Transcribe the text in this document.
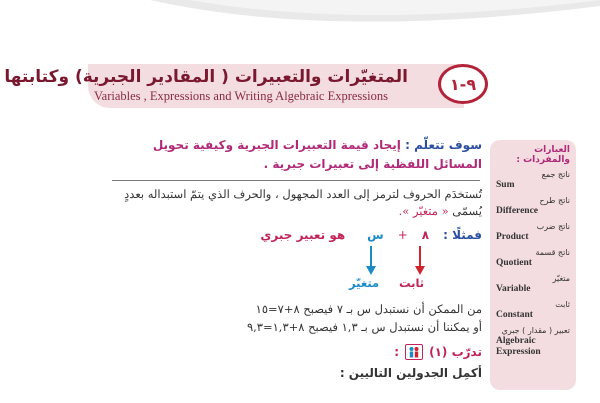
المتغيّرات والتعبيرات ( المقادير الجبرية) وكتابتها
Variables , Expressions and Writing Algebraic Expressions
٩-١
سوف تتعلّم : إيجاد قيمة التعبيرات الجبرية وكيفية تحويل المسائل اللفظية إلى تعبيرات جبرية .
تُستخدَم الحروف لترمز إلى العدد المجهول ، والحرف الذي يتمّ استبداله بعددٍ يُسمّى « متغيّر ».
فمثلًا :
٨
+
س
هو تعبير جبري
ثابت
متغيّر
من الممكن أن نستبدل س بـ ٧ فيصبح ٨+٧=١٥
أو يمكننا أن نستبدل س بـ ١,٣ فيصبح ٨+١,٣=٩,٣
تدرّب (١)
:
أكمِل الجدولين التاليين :
العبارات والمفردات :
ناتج جمع
Sum
ناتج طرح
Difference
ناتج ضرب
Product
ناتج قسمة
Quotient
متغيّر
Variable
ثابت
Constant
تعبير ( مقدار ) جبري
Algebraic Expression
